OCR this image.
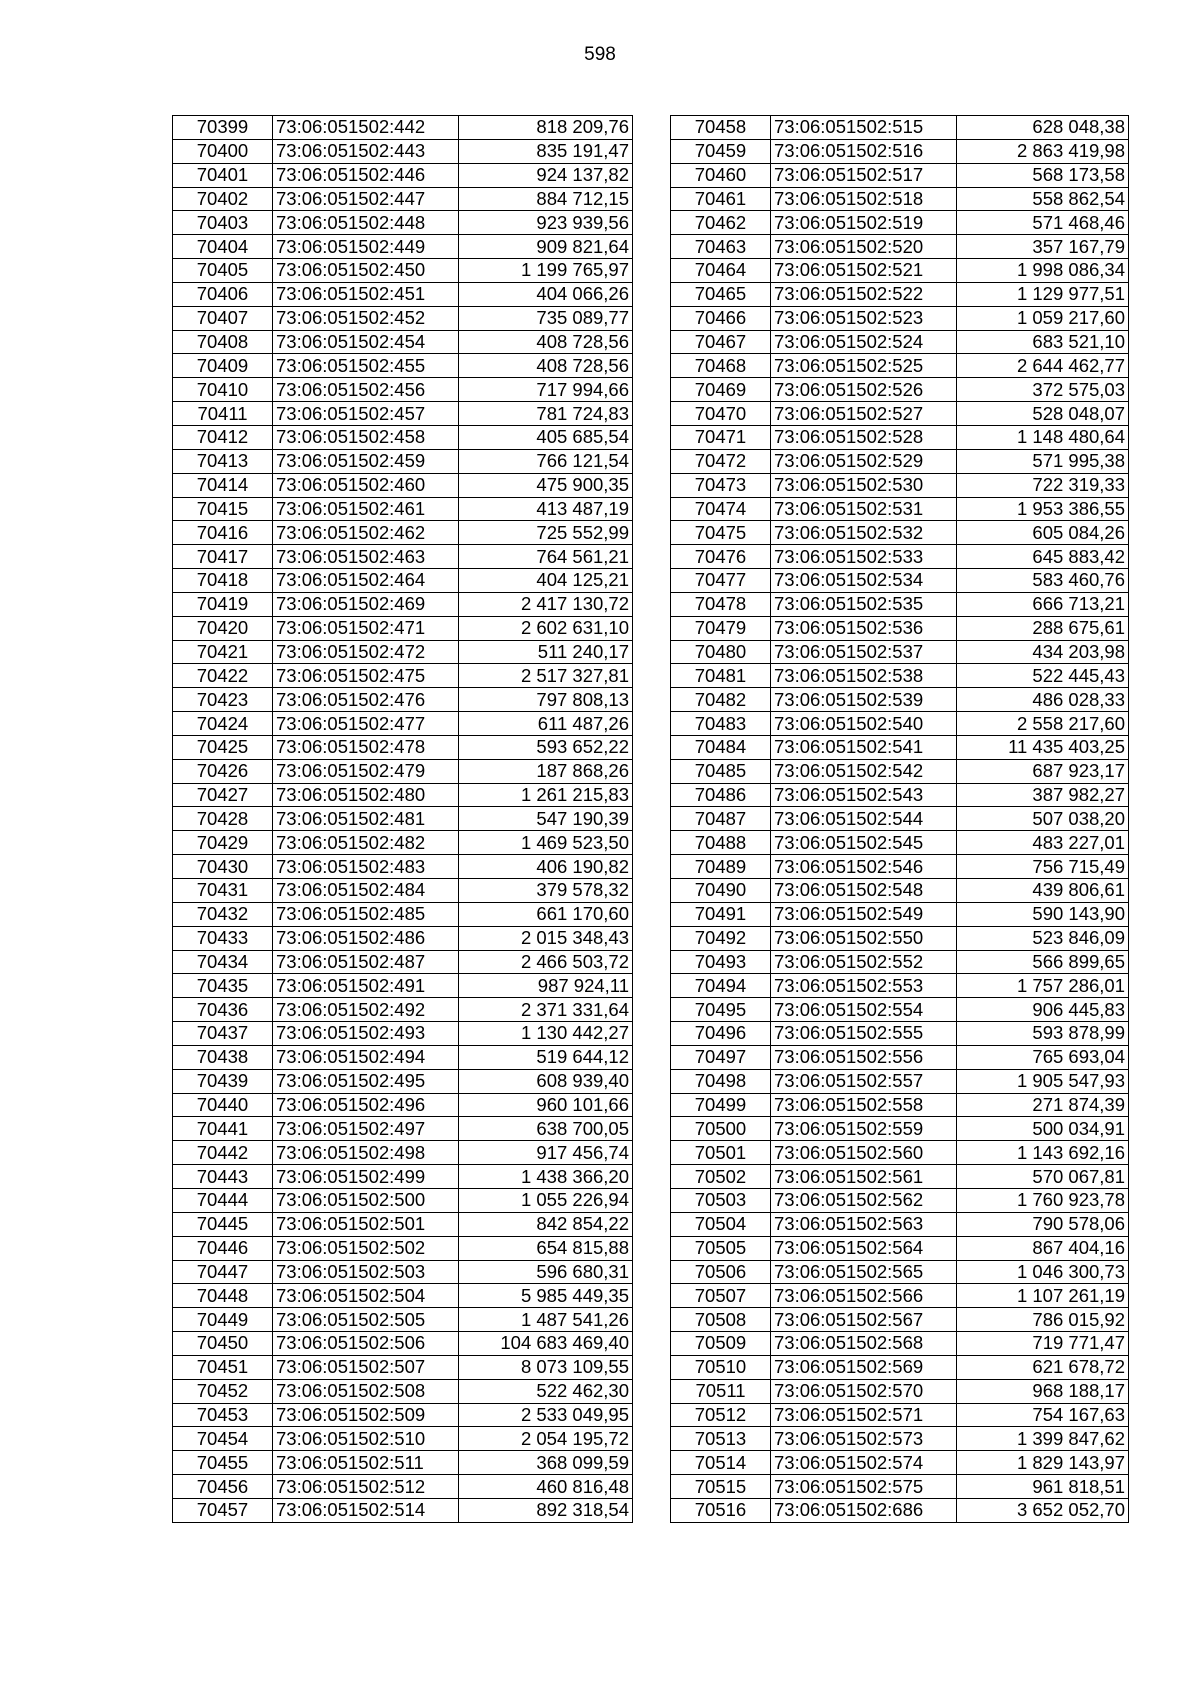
598
70399	73:06:051502:442	818 209,76
70400	73:06:051502:443	835 191,47
70401	73:06:051502:446	924 137,82
70402	73:06:051502:447	884 712,15
70403	73:06:051502:448	923 939,56
70404	73:06:051502:449	909 821,64
70405	73:06:051502:450	1 199 765,97
70406	73:06:051502:451	404 066,26
70407	73:06:051502:452	735 089,77
70408	73:06:051502:454	408 728,56
70409	73:06:051502:455	408 728,56
70410	73:06:051502:456	717 994,66
70411	73:06:051502:457	781 724,83
70412	73:06:051502:458	405 685,54
70413	73:06:051502:459	766 121,54
70414	73:06:051502:460	475 900,35
70415	73:06:051502:461	413 487,19
70416	73:06:051502:462	725 552,99
70417	73:06:051502:463	764 561,21
70418	73:06:051502:464	404 125,21
70419	73:06:051502:469	2 417 130,72
70420	73:06:051502:471	2 602 631,10
70421	73:06:051502:472	511 240,17
70422	73:06:051502:475	2 517 327,81
70423	73:06:051502:476	797 808,13
70424	73:06:051502:477	611 487,26
70425	73:06:051502:478	593 652,22
70426	73:06:051502:479	187 868,26
70427	73:06:051502:480	1 261 215,83
70428	73:06:051502:481	547 190,39
70429	73:06:051502:482	1 469 523,50
70430	73:06:051502:483	406 190,82
70431	73:06:051502:484	379 578,32
70432	73:06:051502:485	661 170,60
70433	73:06:051502:486	2 015 348,43
70434	73:06:051502:487	2 466 503,72
70435	73:06:051502:491	987 924,11
70436	73:06:051502:492	2 371 331,64
70437	73:06:051502:493	1 130 442,27
70438	73:06:051502:494	519 644,12
70439	73:06:051502:495	608 939,40
70440	73:06:051502:496	960 101,66
70441	73:06:051502:497	638 700,05
70442	73:06:051502:498	917 456,74
70443	73:06:051502:499	1 438 366,20
70444	73:06:051502:500	1 055 226,94
70445	73:06:051502:501	842 854,22
70446	73:06:051502:502	654 815,88
70447	73:06:051502:503	596 680,31
70448	73:06:051502:504	5 985 449,35
70449	73:06:051502:505	1 487 541,26
70450	73:06:051502:506	104 683 469,40
70451	73:06:051502:507	8 073 109,55
70452	73:06:051502:508	522 462,30
70453	73:06:051502:509	2 533 049,95
70454	73:06:051502:510	2 054 195,72
70455	73:06:051502:511	368 099,59
70456	73:06:051502:512	460 816,48
70457	73:06:051502:514	892 318,54
70458	73:06:051502:515	628 048,38
70459	73:06:051502:516	2 863 419,98
70460	73:06:051502:517	568 173,58
70461	73:06:051502:518	558 862,54
70462	73:06:051502:519	571 468,46
70463	73:06:051502:520	357 167,79
70464	73:06:051502:521	1 998 086,34
70465	73:06:051502:522	1 129 977,51
70466	73:06:051502:523	1 059 217,60
70467	73:06:051502:524	683 521,10
70468	73:06:051502:525	2 644 462,77
70469	73:06:051502:526	372 575,03
70470	73:06:051502:527	528 048,07
70471	73:06:051502:528	1 148 480,64
70472	73:06:051502:529	571 995,38
70473	73:06:051502:530	722 319,33
70474	73:06:051502:531	1 953 386,55
70475	73:06:051502:532	605 084,26
70476	73:06:051502:533	645 883,42
70477	73:06:051502:534	583 460,76
70478	73:06:051502:535	666 713,21
70479	73:06:051502:536	288 675,61
70480	73:06:051502:537	434 203,98
70481	73:06:051502:538	522 445,43
70482	73:06:051502:539	486 028,33
70483	73:06:051502:540	2 558 217,60
70484	73:06:051502:541	11 435 403,25
70485	73:06:051502:542	687 923,17
70486	73:06:051502:543	387 982,27
70487	73:06:051502:544	507 038,20
70488	73:06:051502:545	483 227,01
70489	73:06:051502:546	756 715,49
70490	73:06:051502:548	439 806,61
70491	73:06:051502:549	590 143,90
70492	73:06:051502:550	523 846,09
70493	73:06:051502:552	566 899,65
70494	73:06:051502:553	1 757 286,01
70495	73:06:051502:554	906 445,83
70496	73:06:051502:555	593 878,99
70497	73:06:051502:556	765 693,04
70498	73:06:051502:557	1 905 547,93
70499	73:06:051502:558	271 874,39
70500	73:06:051502:559	500 034,91
70501	73:06:051502:560	1 143 692,16
70502	73:06:051502:561	570 067,81
70503	73:06:051502:562	1 760 923,78
70504	73:06:051502:563	790 578,06
70505	73:06:051502:564	867 404,16
70506	73:06:051502:565	1 046 300,73
70507	73:06:051502:566	1 107 261,19
70508	73:06:051502:567	786 015,92
70509	73:06:051502:568	719 771,47
70510	73:06:051502:569	621 678,72
70511	73:06:051502:570	968 188,17
70512	73:06:051502:571	754 167,63
70513	73:06:051502:573	1 399 847,62
70514	73:06:051502:574	1 829 143,97
70515	73:06:051502:575	961 818,51
70516	73:06:051502:686	3 652 052,70
